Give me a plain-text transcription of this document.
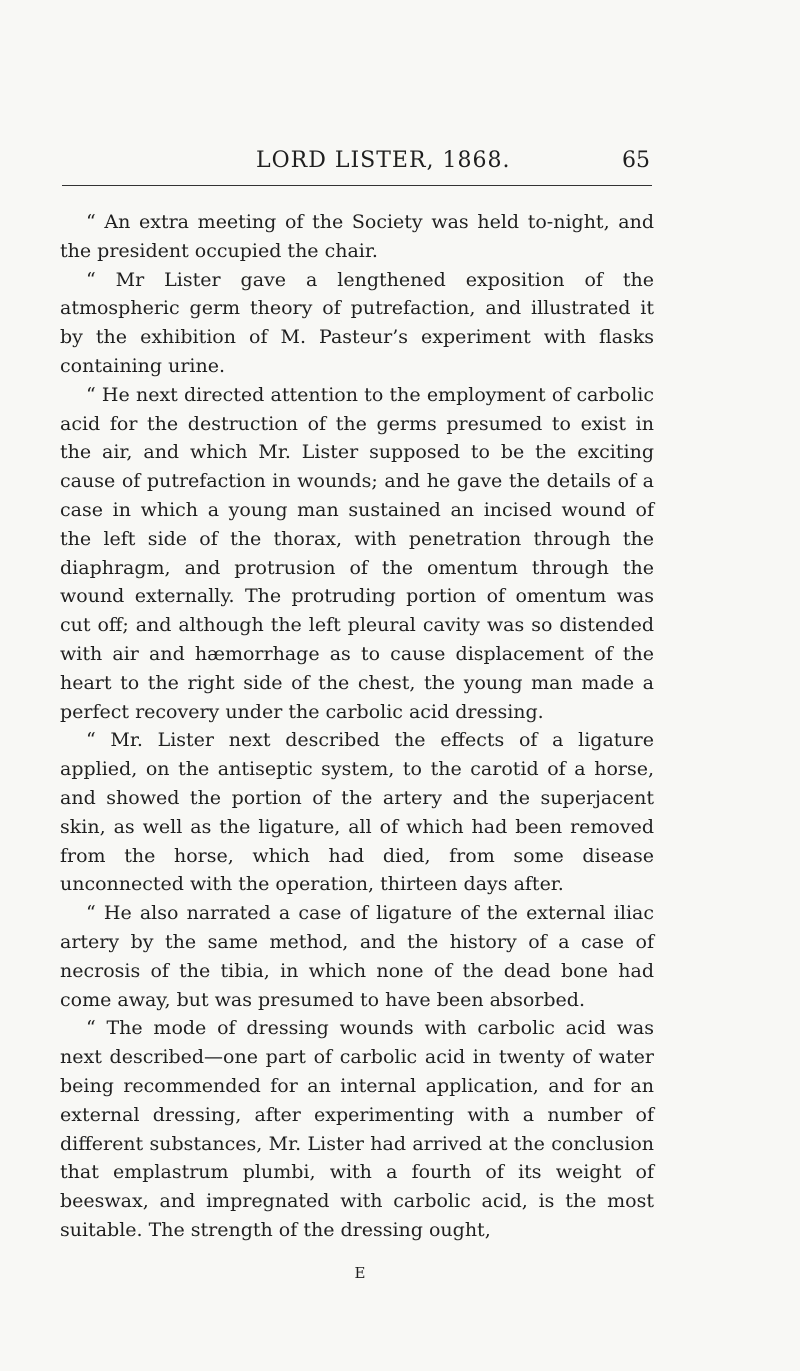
LORD LISTER, 1868.	65

“ An extra meeting of the Society was held to-night, and the president occupied the chair.

“ Mr Lister gave a lengthened exposition of the atmospheric germ theory of putrefaction, and illustrated it by the exhibition of M. Pasteur’s experiment with flasks containing urine.

“ He next directed attention to the employment of carbolic acid for the destruction of the germs presumed to exist in the air, and which Mr. Lister supposed to be the exciting cause of putrefaction in wounds; and he gave the details of a case in which a young man sustained an incised wound of the left side of the thorax, with penetration through the diaphragm, and protrusion of the omentum through the wound externally. The protruding portion of omentum was cut off; and although the left pleural cavity was so distended with air and hæmorrhage as to cause displacement of the heart to the right side of the chest, the young man made a perfect recovery under the carbolic acid dressing.

“ Mr. Lister next described the effects of a ligature applied, on the antiseptic system, to the carotid of a horse, and showed the portion of the artery and the superjacent skin, as well as the ligature, all of which had been removed from the horse, which had died, from some disease unconnected with the operation, thirteen days after.

“ He also narrated a case of ligature of the external iliac artery by the same method, and the history of a case of necrosis of the tibia, in which none of the dead bone had come away, but was presumed to have been absorbed.

“ The mode of dressing wounds with carbolic acid was next described—one part of carbolic acid in twenty of water being recommended for an internal application, and for an external dressing, after experimenting with a number of different substances, Mr. Lister had arrived at the conclusion that emplastrum plumbi, with a fourth of its weight of beeswax, and impregnated with carbolic acid, is the most suitable. The strength of the dressing ought,

E
